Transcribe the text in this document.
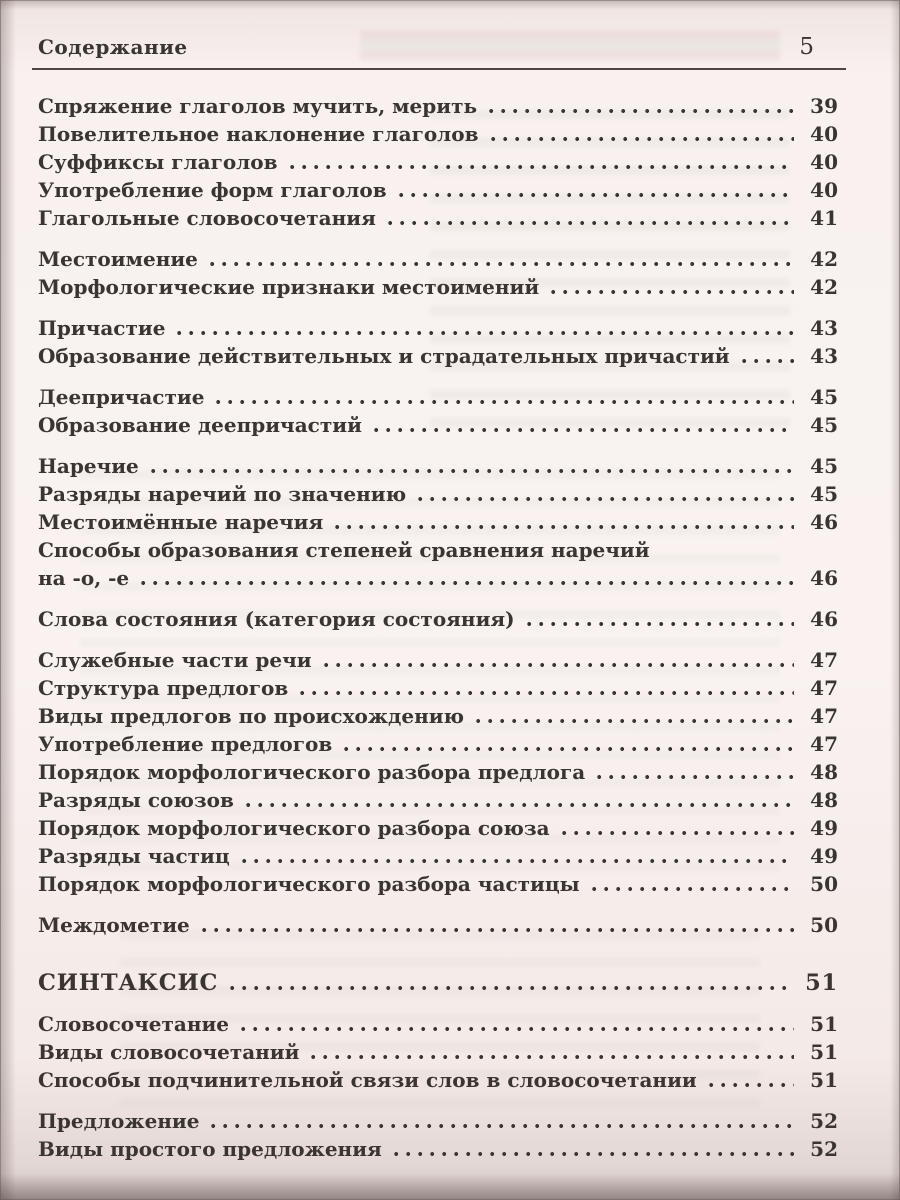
Содержание	5
Спряжение глаголов мучить, мерить	39
Повелительное наклонение глаголов	40
Суффиксы глаголов	40
Употребление форм глаголов	40
Глагольные словосочетания	41
Местоимение	42
Морфологические признаки местоимений	42
Причастие	43
Образование действительных и страдательных причастий	43
Деепричастие	45
Образование деепричастий	45
Наречие	45
Разряды наречий по значению	45
Местоимённые наречия	46
Способы образования степеней сравнения наречий
на -о, -е	46
Слова состояния (категория состояния)	46
Служебные части речи	47
Структура предлогов	47
Виды предлогов по происхождению	47
Употребление предлогов	47
Порядок морфологического разбора предлога	48
Разряды союзов	48
Порядок морфологического разбора союза	49
Разряды частиц	49
Порядок морфологического разбора частицы	50
Междометие	50
СИНТАКСИС	51
Словосочетание	51
Виды словосочетаний	51
Способы подчинительной связи слов в словосочетании	51
Предложение	52
Виды простого предложения	52
